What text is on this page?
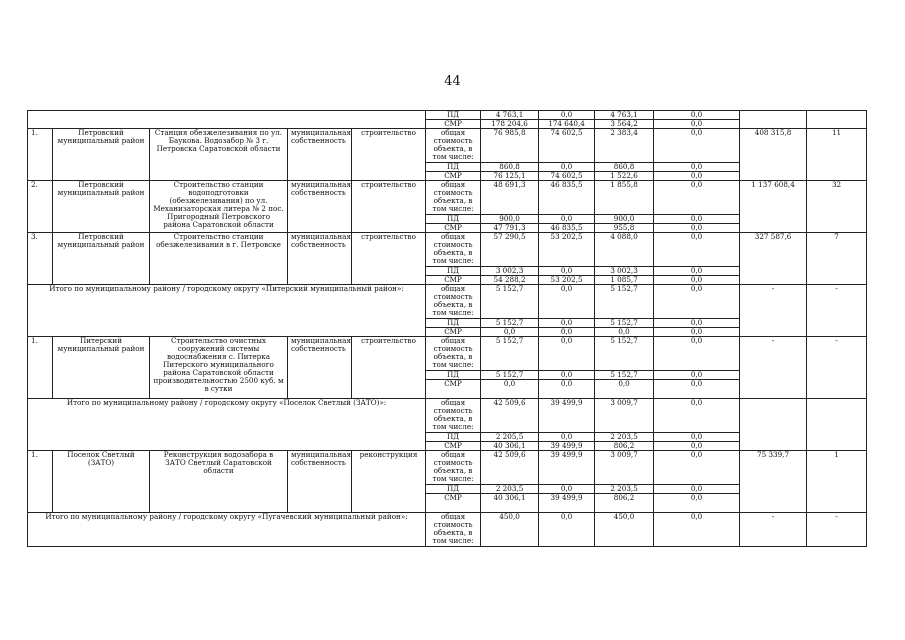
44
					ПД	4 763,1	0,0	4 763,1	0,0		
					СМР	178 204,6	174 640,4	3 564,2	0,0		
1.	Петровский муниципальный район	Станция обезжелезивания по ул. Баукова. Водозабор № 3 г. Петровска Саратовской области	муниципальная собственность	строительство	общая стоимость объекта, в том числе:	76 985,8	74 602,5	2 383,4	0,0	408 315,8	11
					ПД	860,8	0,0	860,8	0,0		
					СМР	76 125,1	74 602,5	1 522,6	0,0		
2.	Петровский муниципальный район	Строительство станции водоподготовки (обезжелезивания) по ул. Механизаторская литера № 2 пос. Пригородный Петровского района Саратовской области	муниципальная собственность	строительство	общая стоимость объекта, в том числе:	48 691,3	46 835,5	1 855,8	0,0	1 137 608,4	32
					ПД	900,0	0,0	900,0	0,0		
					СМР	47 791,3	46 835,5	955,8	0,0		
3.	Петровский муниципальный район	Строительство станции обезжелезивания в г. Петровске	муниципальная собственность	строительство	общая стоимость объекта, в том числе:	57 290,5	53 202,5	4 088,0	0,0	327 587,6	7
					ПД	3 002,3	0,0	3 002,3	0,0		
					СМР	54 288,2	53 202,5	1 085,7	0,0		
Итого по муниципальному району / городскому округу «Питерский муниципальный район»:					общая стоимость объекта, в том числе:	5 152,7	0,0	5 152,7	0,0	-	-
					ПД	5 152,7	0,0	5 152,7	0,0		
					СМР	0,0	0,0	0,0	0,0		
1.	Питерский муниципальный район	Строительство очистных сооружений системы водоснабжения с. Питерка Питерского муниципального района Саратовской области производительностью 2500 куб. м в сутки	муниципальная собственность	строительство	общая стоимость объекта, в том числе:	5 152,7	0,0	5 152,7	0,0	-	-
					ПД	5 152,7	0,0	5 152,7	0,0		
					СМР	0,0	0,0	0,0	0,0		
Итого по муниципальному району / городскому округу «Поселок Светлый (ЗАТО)»:					общая стоимость объекта, в том числе:	42 509,6	39 499,9	3 009,7	0,0		
					ПД	2 205,5	0,0	2 203,5	0,0		
					СМР	40 306,1	39 499,9	806,2	0,0		
1.	Поселок Светлый (ЗАТО)	Реконструкция водозабора в ЗАТО Светлый Саратовской области	муниципальная собственность	реконструкция	общая стоимость объекта, в том числе:	42 509,6	39 499,9	3 009,7	0,0	75 339,7	1
					ПД	2 203,5	0,0	2 203,5	0,0		
					СМР	40 306,1	39 499,9	806,2	0,0		
Итого по муниципальному району / городскому округу «Пугачевский муниципальный район»:					общая стоимость объекта, в том числе:	450,0	0,0	450,0	0,0	-	-
